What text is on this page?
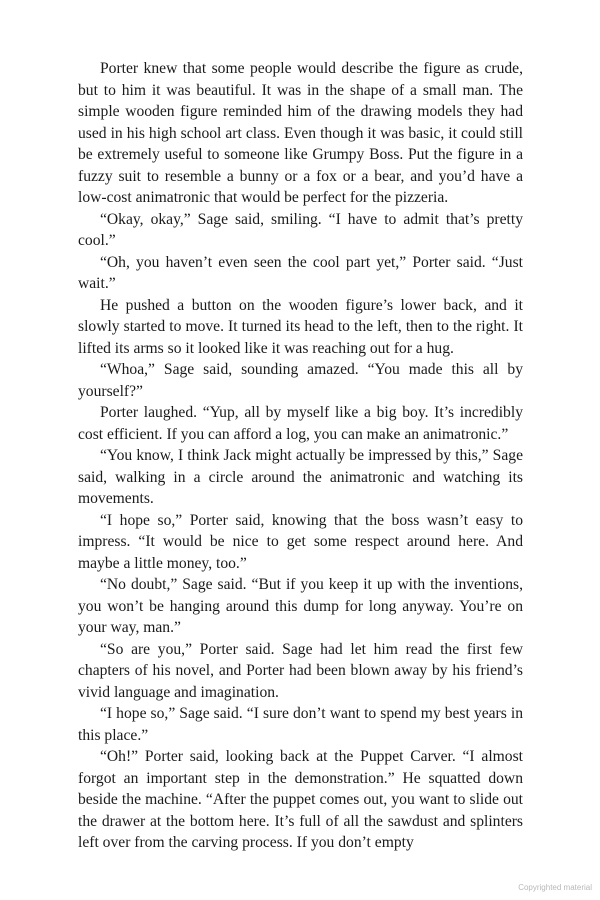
Porter knew that some people would describe the figure as crude, but to him it was beautiful. It was in the shape of a small man. The simple wooden figure reminded him of the drawing models they had used in his high school art class. Even though it was basic, it could still be extremely useful to someone like Grumpy Boss. Put the figure in a fuzzy suit to resemble a bunny or a fox or a bear, and you’d have a low-cost animatronic that would be perfect for the pizzeria.

“Okay, okay,” Sage said, smiling. “I have to admit that’s pretty cool.”

“Oh, you haven’t even seen the cool part yet,” Porter said. “Just wait.”

He pushed a button on the wooden figure’s lower back, and it slowly started to move. It turned its head to the left, then to the right. It lifted its arms so it looked like it was reaching out for a hug.

“Whoa,” Sage said, sounding amazed. “You made this all by yourself?”

Porter laughed. “Yup, all by myself like a big boy. It’s incredibly cost efficient. If you can afford a log, you can make an animatronic.”

“You know, I think Jack might actually be impressed by this,” Sage said, walking in a circle around the animatronic and watching its movements.

“I hope so,” Porter said, knowing that the boss wasn’t easy to impress. “It would be nice to get some respect around here. And maybe a little money, too.”

“No doubt,” Sage said. “But if you keep it up with the inventions, you won’t be hanging around this dump for long anyway. You’re on your way, man.”

“So are you,” Porter said. Sage had let him read the first few chapters of his novel, and Porter had been blown away by his friend’s vivid language and imagination.

“I hope so,” Sage said. “I sure don’t want to spend my best years in this place.”

“Oh!” Porter said, looking back at the Puppet Carver. “I almost forgot an important step in the demonstration.” He squatted down beside the machine. “After the puppet comes out, you want to slide out the drawer at the bottom here. It’s full of all the sawdust and splinters left over from the carving process. If you don’t empty

Copyrighted material
